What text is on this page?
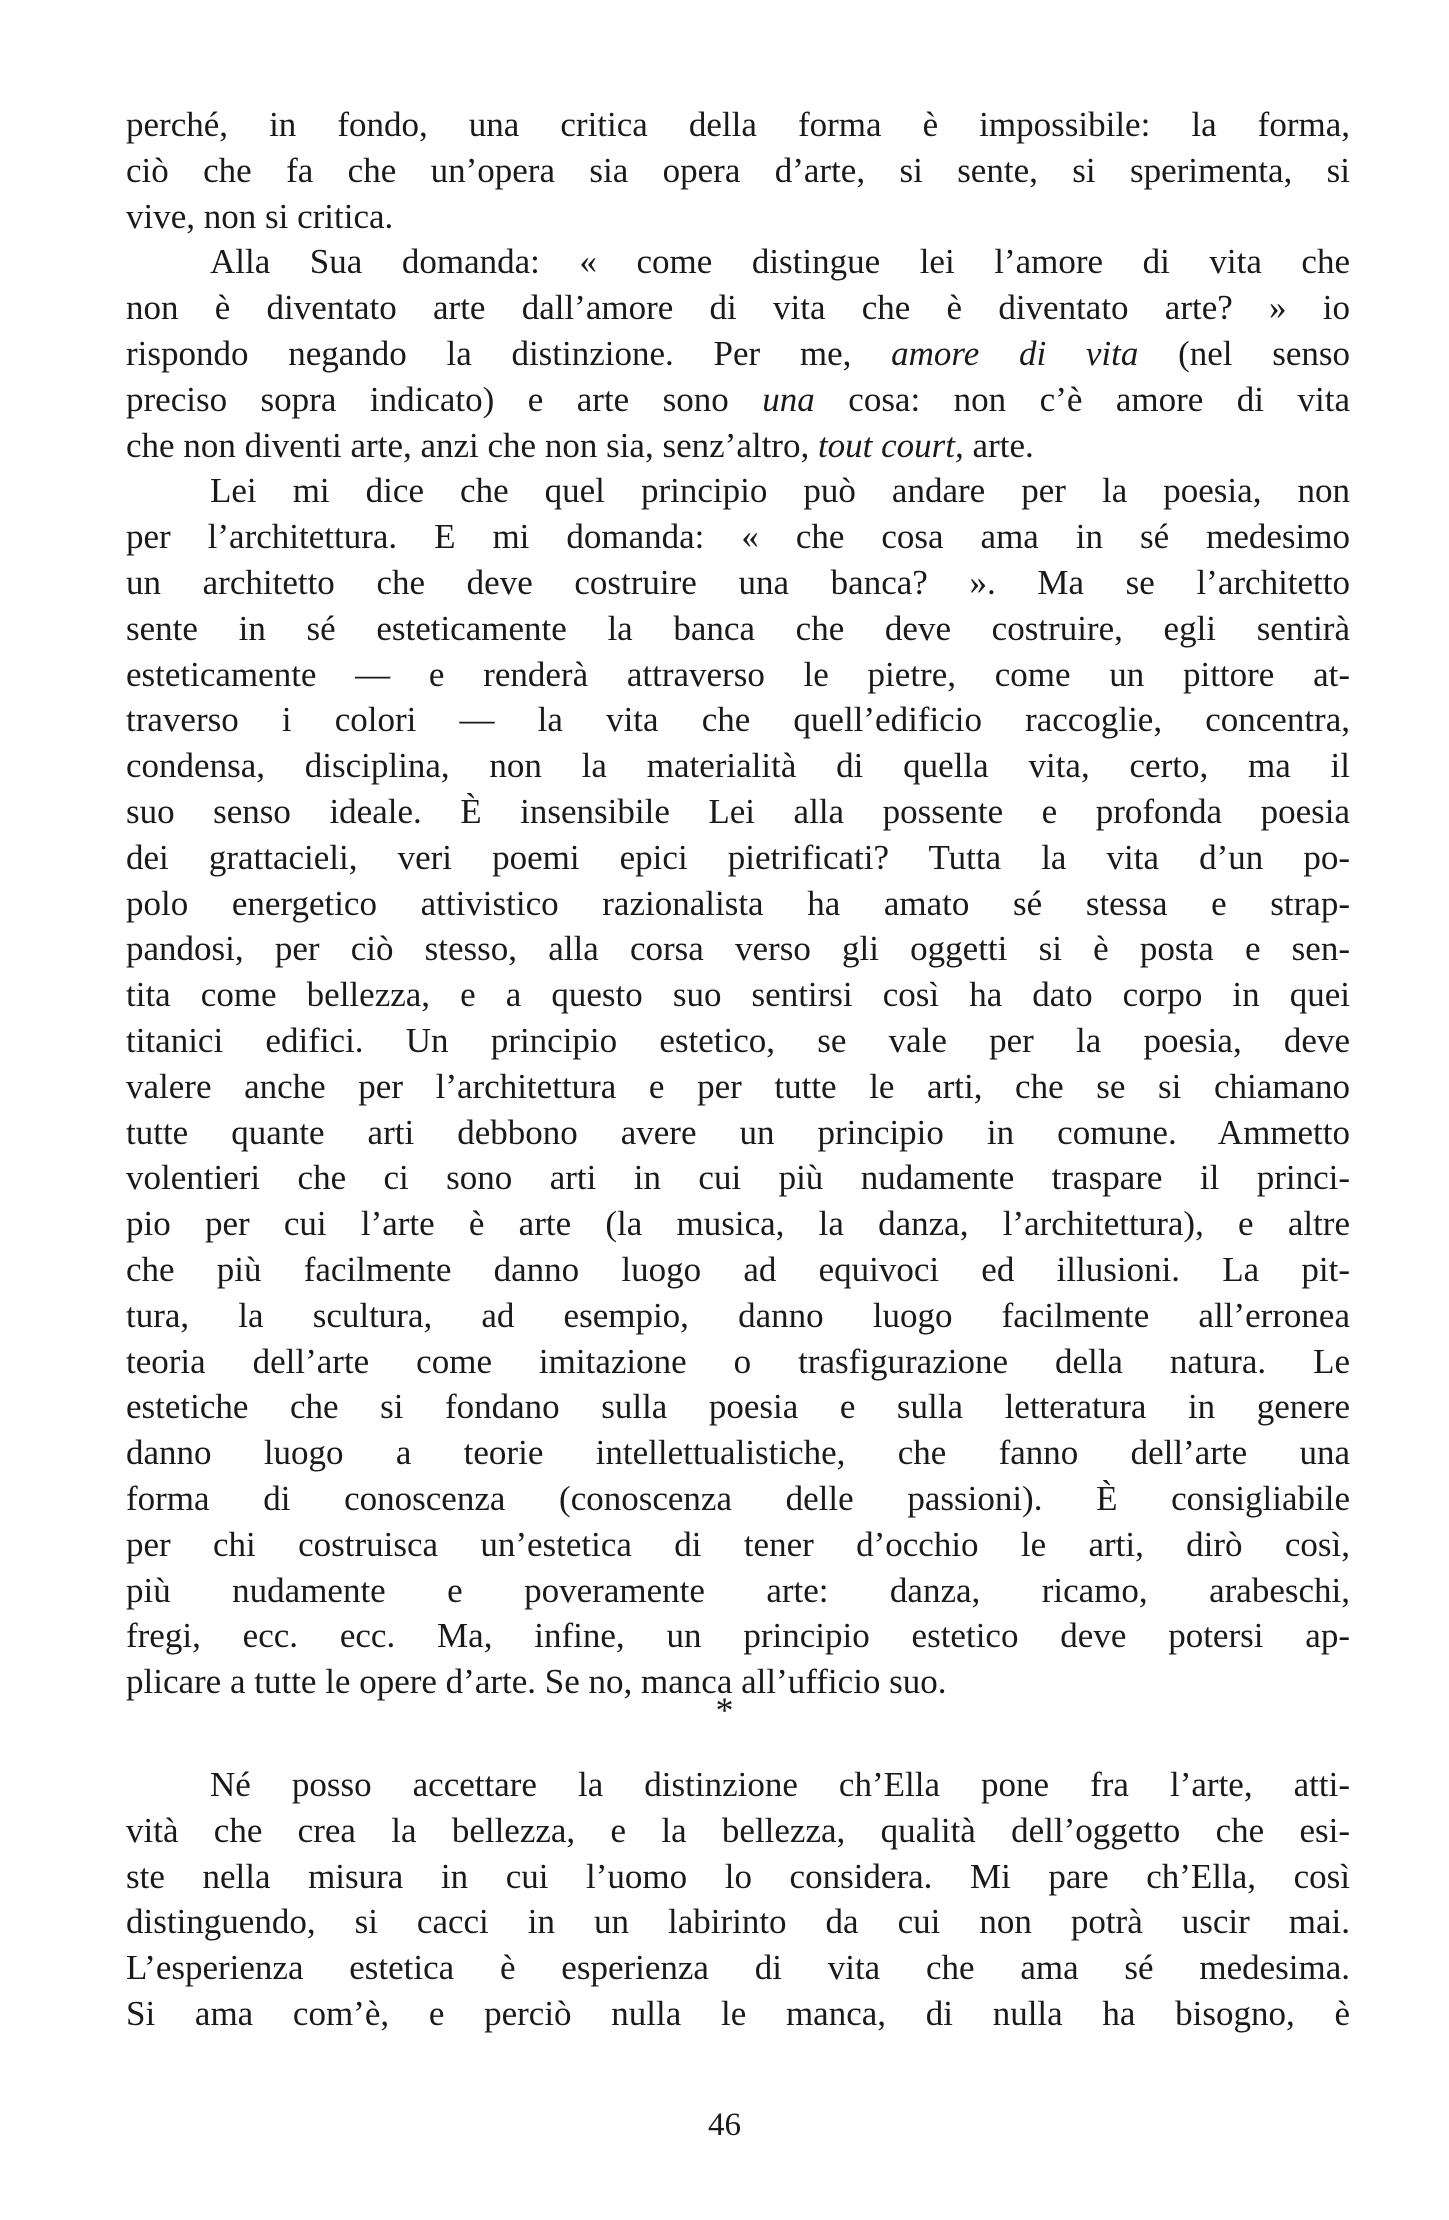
perché, in fondo, una critica della forma è impossibile: la forma,
ciò che fa che un’opera sia opera d’arte, si sente, si sperimenta, si
vive, non si critica.
Alla Sua domanda: « come distingue lei l’amore di vita che
non è diventato arte dall’amore di vita che è diventato arte? » io
rispondo negando la distinzione. Per me, amore di vita (nel senso
preciso sopra indicato) e arte sono una cosa: non c’è amore di vita
che non diventi arte, anzi che non sia, senz’altro, tout court, arte.
Lei mi dice che quel principio può andare per la poesia, non
per l’architettura. E mi domanda: « che cosa ama in sé medesimo
un architetto che deve costruire una banca? ». Ma se l’architetto
sente in sé esteticamente la banca che deve costruire, egli sentirà
esteticamente — e renderà attraverso le pietre, come un pittore at-
traverso i colori — la vita che quell’edificio raccoglie, concentra,
condensa, disciplina, non la materialità di quella vita, certo, ma il
suo senso ideale. È insensibile Lei alla possente e profonda poesia
dei grattacieli, veri poemi epici pietrificati? Tutta la vita d’un po-
polo energetico attivistico razionalista ha amato sé stessa e strap-
pandosi, per ciò stesso, alla corsa verso gli oggetti si è posta e sen-
tita come bellezza, e a questo suo sentirsi così ha dato corpo in quei
titanici edifici. Un principio estetico, se vale per la poesia, deve
valere anche per l’architettura e per tutte le arti, che se si chiamano
tutte quante arti debbono avere un principio in comune. Ammetto
volentieri che ci sono arti in cui più nudamente traspare il princi-
pio per cui l’arte è arte (la musica, la danza, l’architettura), e altre
che più facilmente danno luogo ad equivoci ed illusioni. La pit-
tura, la scultura, ad esempio, danno luogo facilmente all’erronea
teoria dell’arte come imitazione o trasfigurazione della natura. Le
estetiche che si fondano sulla poesia e sulla letteratura in genere
danno luogo a teorie intellettualistiche, che fanno dell’arte una
forma di conoscenza (conoscenza delle passioni). È consigliabile
per chi costruisca un’estetica di tener d’occhio le arti, dirò così,
più nudamente e poveramente arte: danza, ricamo, arabeschi,
fregi, ecc. ecc. Ma, infine, un principio estetico deve potersi ap-
plicare a tutte le opere d’arte. Se no, manca all’ufficio suo.
*
Né posso accettare la distinzione ch’Ella pone fra l’arte, atti-
vità che crea la bellezza, e la bellezza, qualità dell’oggetto che esi-
ste nella misura in cui l’uomo lo considera. Mi pare ch’Ella, così
distinguendo, si cacci in un labirinto da cui non potrà uscir mai.
L’esperienza estetica è esperienza di vita che ama sé medesima.
Si ama com’è, e perciò nulla le manca, di nulla ha bisogno, è
46
